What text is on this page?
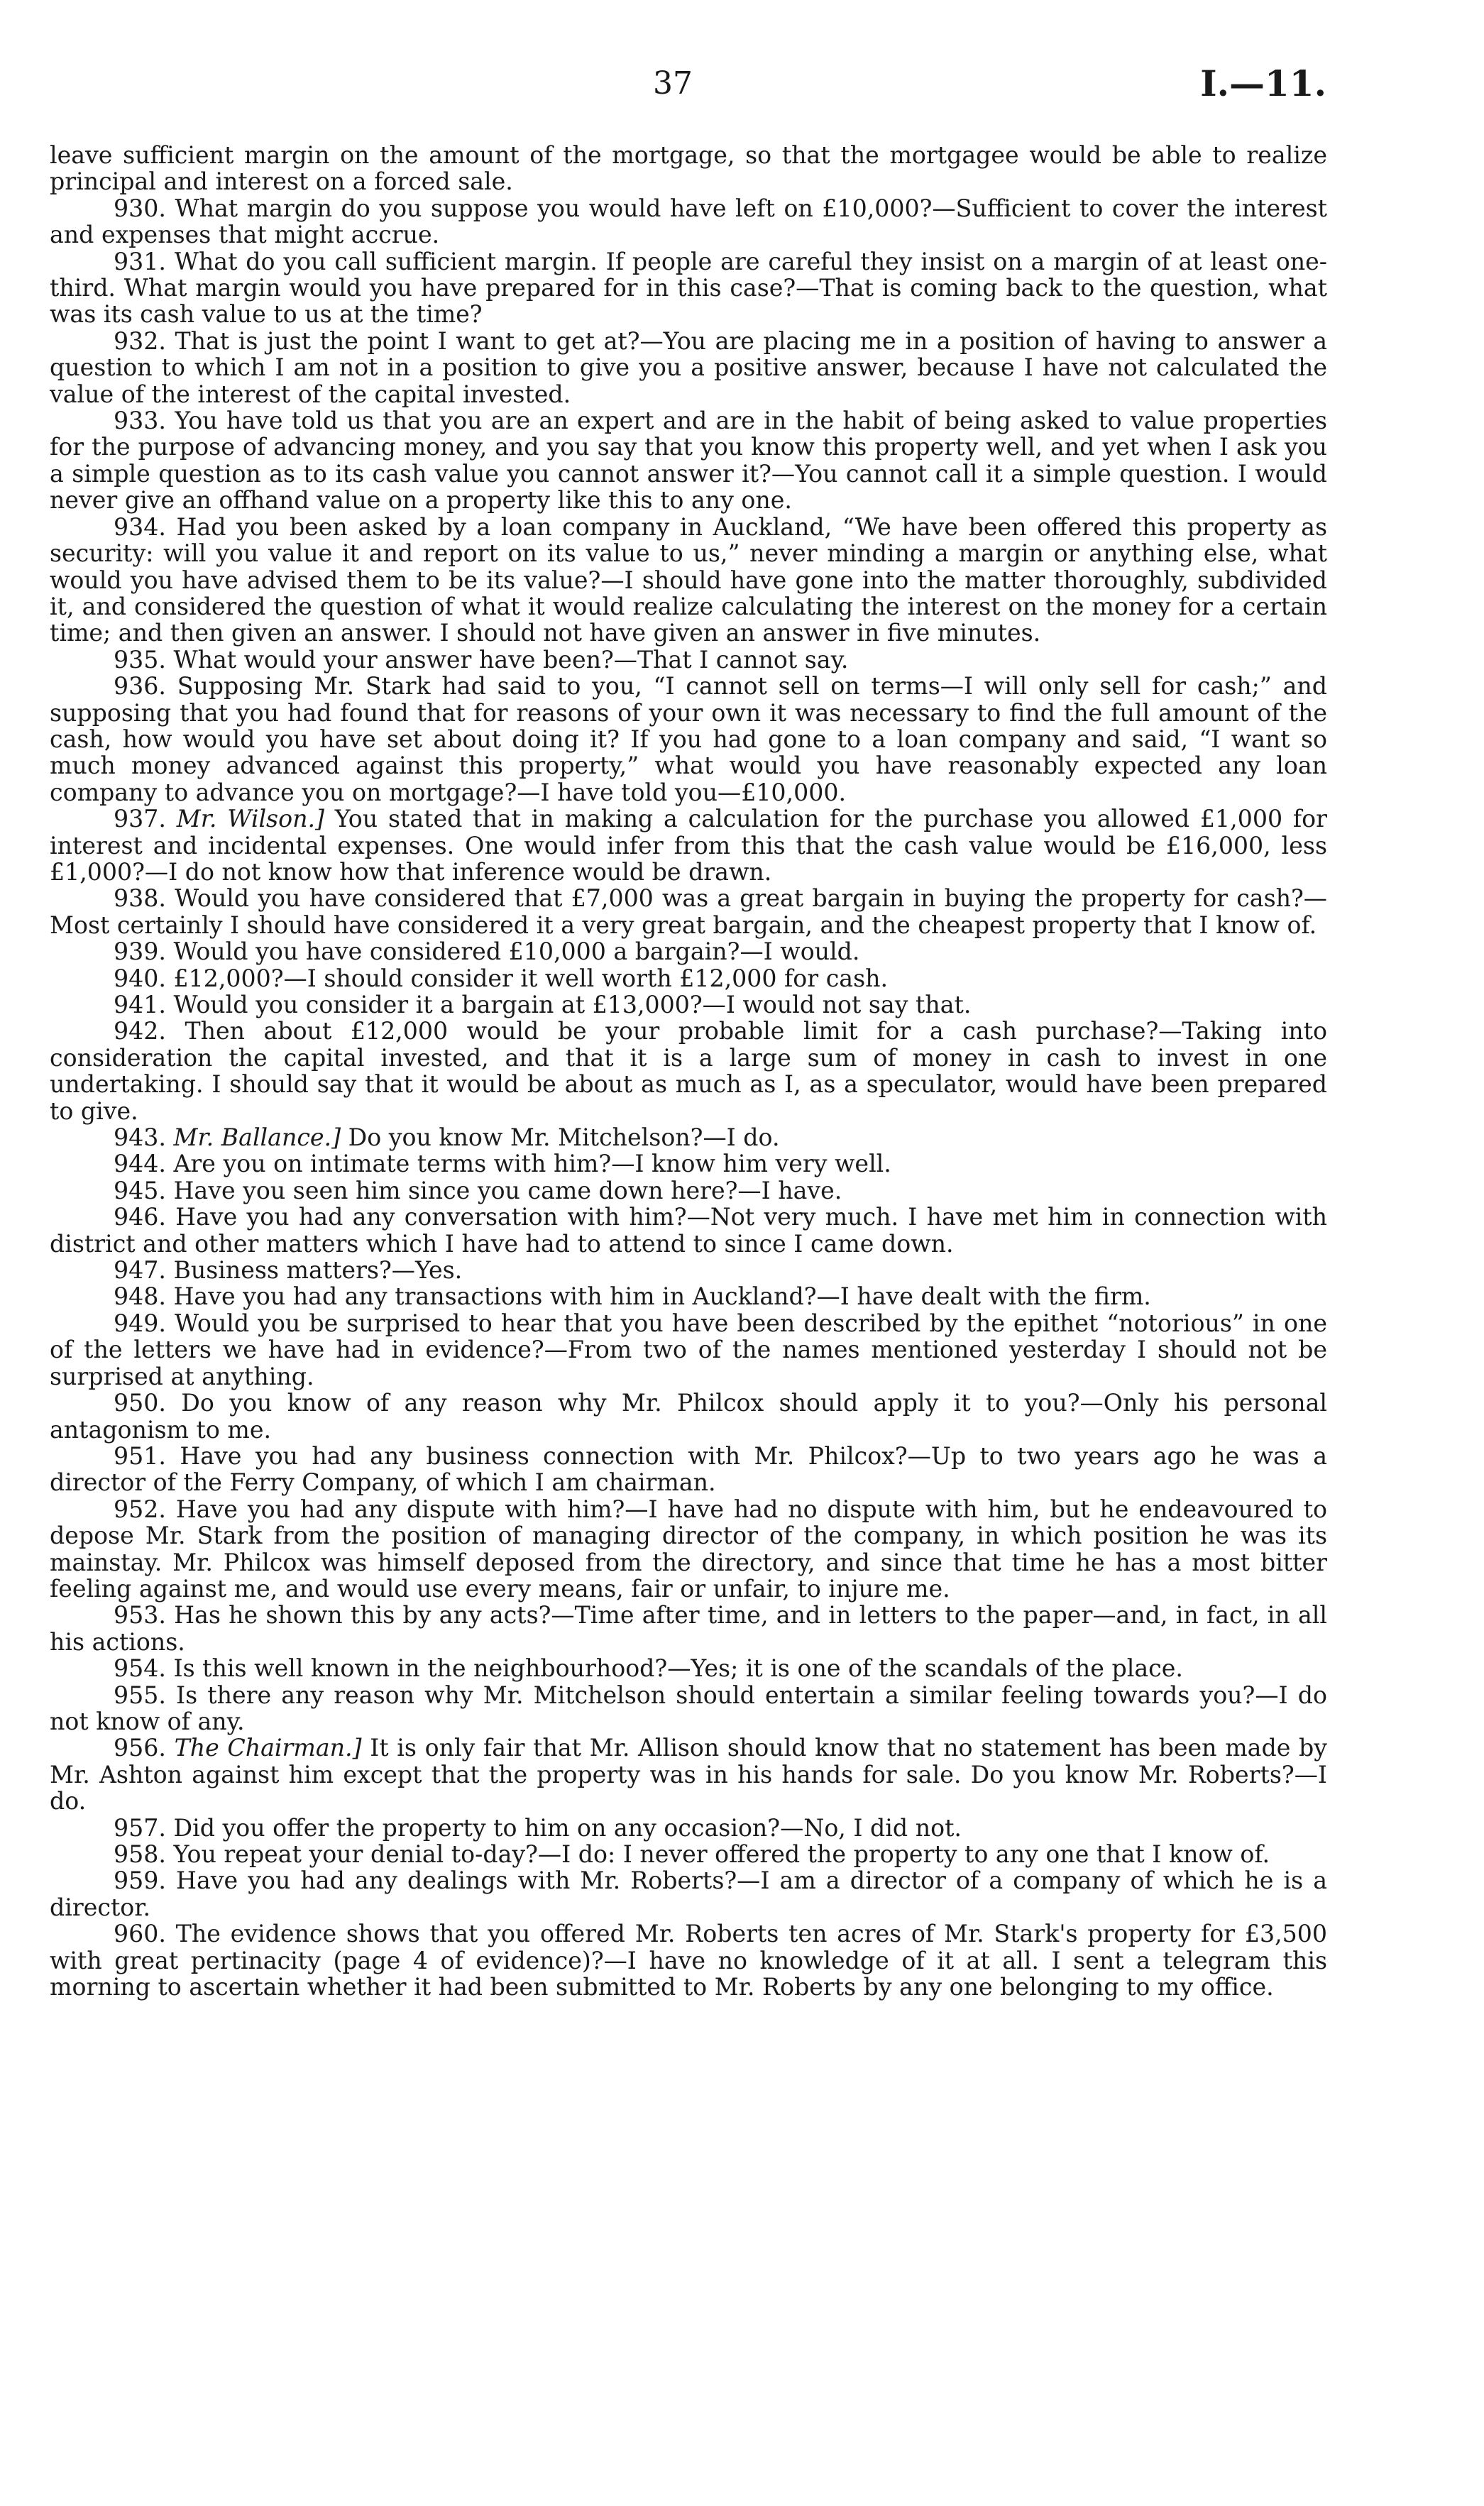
37	I.—11.

leave sufficient margin on the amount of the mortgage, so that the mortgagee would be able to realize principal and interest on a forced sale.

930. What margin do you suppose you would have left on £10,000?—Sufficient to cover the interest and expenses that might accrue.

931. What do you call sufficient margin. If people are careful they insist on a margin of at least one-third. What margin would you have prepared for in this case?—That is coming back to the question, what was its cash value to us at the time?

932. That is just the point I want to get at?—You are placing me in a position of having to answer a question to which I am not in a position to give you a positive answer, because I have not calculated the value of the interest of the capital invested.

933. You have told us that you are an expert and are in the habit of being asked to value properties for the purpose of advancing money, and you say that you know this property well, and yet when I ask you a simple question as to its cash value you cannot answer it?—You cannot call it a simple question. I would never give an offhand value on a property like this to any one.

934. Had you been asked by a loan company in Auckland, “We have been offered this property as security: will you value it and report on its value to us,” never minding a margin or anything else, what would you have advised them to be its value?—I should have gone into the matter thoroughly, subdivided it, and considered the question of what it would realize calculating the interest on the money for a certain time; and then given an answer. I should not have given an answer in five minutes.

935. What would your answer have been?—That I cannot say.

936. Supposing Mr. Stark had said to you, “I cannot sell on terms—I will only sell for cash;” and supposing that you had found that for reasons of your own it was necessary to find the full amount of the cash, how would you have set about doing it? If you had gone to a loan company and said, “I want so much money advanced against this property,” what would you have reasonably expected any loan company to advance you on mortgage?—I have told you—£10,000.

937. Mr. Wilson.] You stated that in making a calculation for the purchase you allowed £1,000 for interest and incidental expenses. One would infer from this that the cash value would be £16,000, less £1,000?—I do not know how that inference would be drawn.

938. Would you have considered that £7,000 was a great bargain in buying the property for cash?—Most certainly I should have considered it a very great bargain, and the cheapest property that I know of.

939. Would you have considered £10,000 a bargain?—I would.

940. £12,000?—I should consider it well worth £12,000 for cash.

941. Would you consider it a bargain at £13,000?—I would not say that.

942. Then about £12,000 would be your probable limit for a cash purchase?—Taking into consideration the capital invested, and that it is a large sum of money in cash to invest in one undertaking. I should say that it would be about as much as I, as a speculator, would have been prepared to give.

943. Mr. Ballance.] Do you know Mr. Mitchelson?—I do.

944. Are you on intimate terms with him?—I know him very well.

945. Have you seen him since you came down here?—I have.

946. Have you had any conversation with him?—Not very much. I have met him in connection with district and other matters which I have had to attend to since I came down.

947. Business matters?—Yes.

948. Have you had any transactions with him in Auckland?—I have dealt with the firm.

949. Would you be surprised to hear that you have been described by the epithet “notorious” in one of the letters we have had in evidence?—From two of the names mentioned yesterday I should not be surprised at anything.

950. Do you know of any reason why Mr. Philcox should apply it to you?—Only his personal antagonism to me.

951. Have you had any business connection with Mr. Philcox?—Up to two years ago he was a director of the Ferry Company, of which I am chairman.

952. Have you had any dispute with him?—I have had no dispute with him, but he endeavoured to depose Mr. Stark from the position of managing director of the company, in which position he was its mainstay. Mr. Philcox was himself deposed from the directory, and since that time he has a most bitter feeling against me, and would use every means, fair or unfair, to injure me.

953. Has he shown this by any acts?—Time after time, and in letters to the paper—and, in fact, in all his actions.

954. Is this well known in the neighbourhood?—Yes; it is one of the scandals of the place.

955. Is there any reason why Mr. Mitchelson should entertain a similar feeling towards you?—I do not know of any.

956. The Chairman.] It is only fair that Mr. Allison should know that no statement has been made by Mr. Ashton against him except that the property was in his hands for sale. Do you know Mr. Roberts?—I do.

957. Did you offer the property to him on any occasion?—No, I did not.

958. You repeat your denial to-day?—I do: I never offered the property to any one that I know of.

959. Have you had any dealings with Mr. Roberts?—I am a director of a company of which he is a director.

960. The evidence shows that you offered Mr. Roberts ten acres of Mr. Stark's property for £3,500 with great pertinacity (page 4 of evidence)?—I have no knowledge of it at all. I sent a telegram this morning to ascertain whether it had been submitted to Mr. Roberts by any one belonging to my office.
